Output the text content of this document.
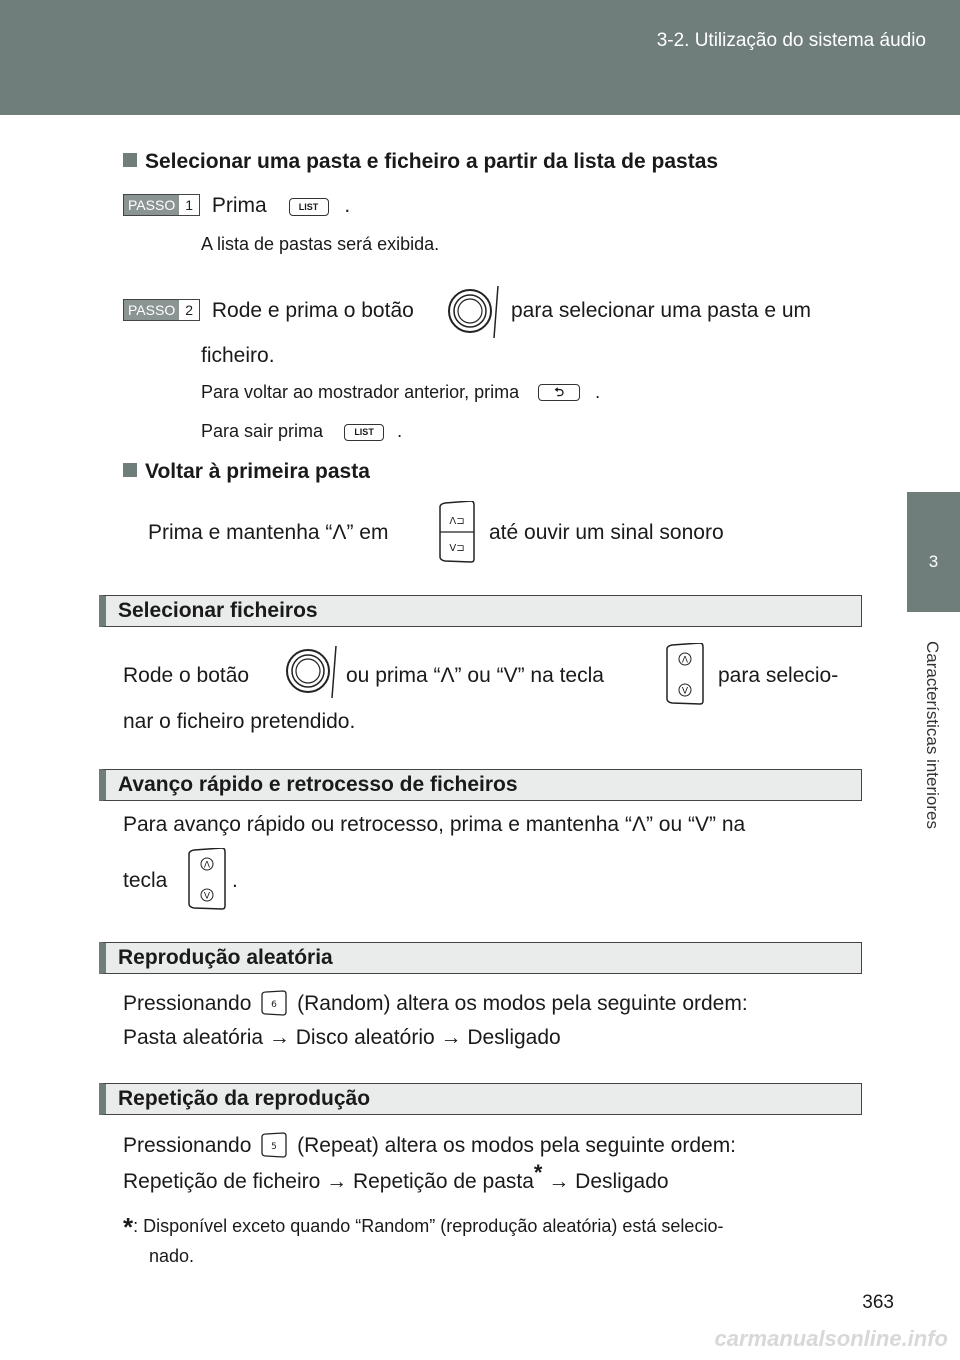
3-2. Utilização do sistema áudio
3
Características interiores
Selecionar uma pasta e ficheiro a partir da lista de pastas
PASSO 1 Prima	LIST .
A lista de pastas será exibida.
PASSO 2 Rode e prima o botão	para selecionar uma pasta e um
ficheiro.
Para voltar ao mostrador anterior, prima	⮌ .
Para sair prima	LIST .
Voltar à primeira pasta
Prima e mantenha “Λ” em	Λ⊐
V⊐
até ouvir um sinal sonoro
Selecionar ficheiros
Rode o botão	ou prima “Λ” ou “V” na tecla
Λ
V
para selecio-
nar o ficheiro pretendido.
Avanço rápido e retrocesso de ficheiros
Para avanço rápido ou retrocesso, prima e mantenha “Λ” ou “V” na
tecla
Λ
V
.
Reprodução aleatória
Pressionando 6 (Random) altera os modos pela seguinte ordem:
Pasta aleatória → Disco aleatório → Desligado
Repetição da reprodução
Pressionando 5 (Repeat) altera os modos pela seguinte ordem:
Repetição de ficheiro → Repetição de pasta* → Desligado
*: Disponível exceto quando “Random” (reprodução aleatória) está selecio-
nado.
363
carmanualsonline.info
